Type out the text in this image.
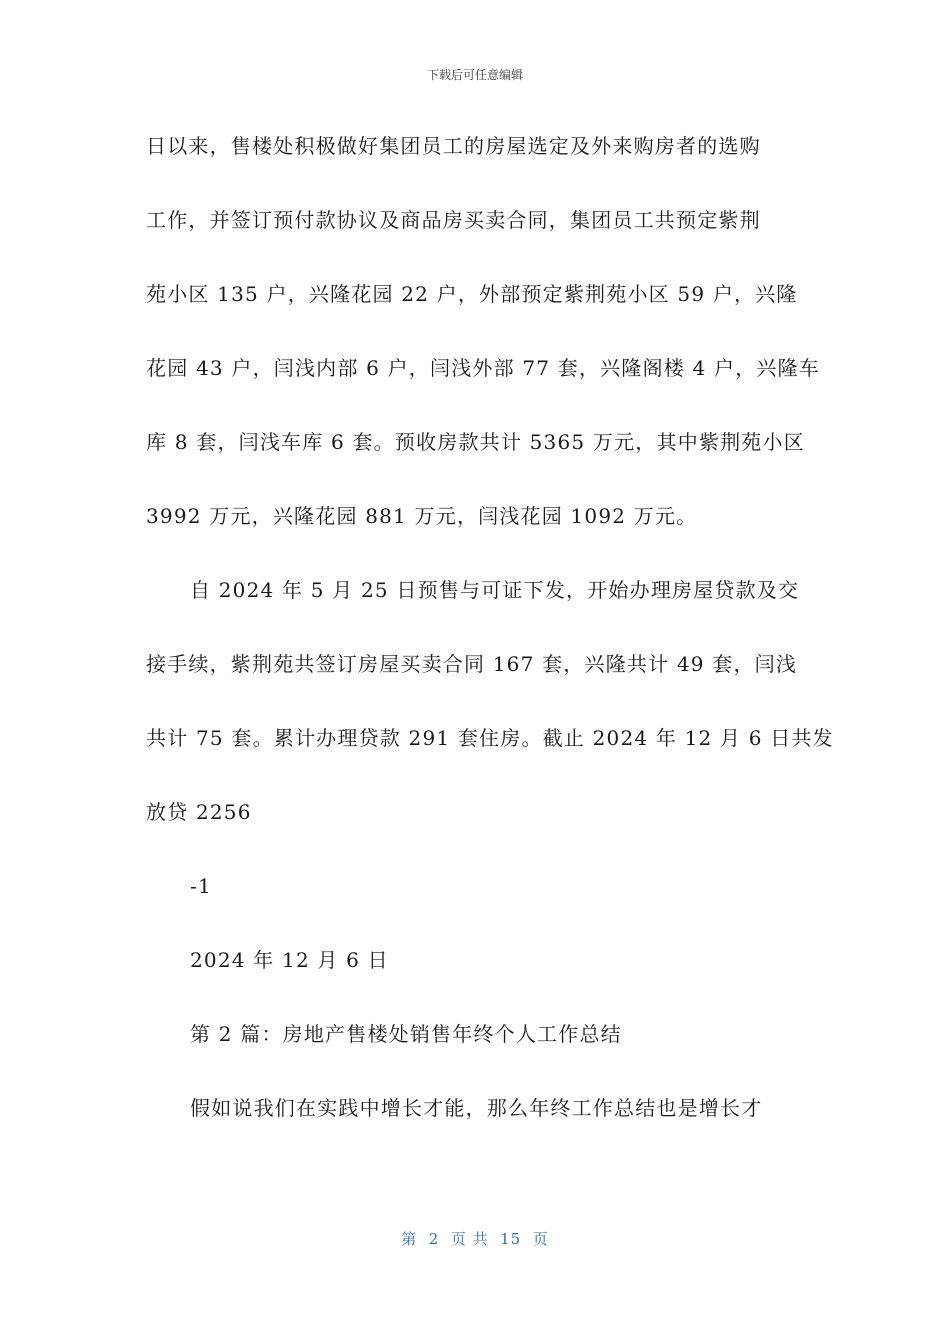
下载后可任意编辑
日以来，售楼处积极做好集团员工的房屋选定及外来购房者的选购
工作，并签订预付款协议及商品房买卖合同，集团员工共预定紫荆
苑小区 135 户，兴隆花园 22 户，外部预定紫荆苑小区 59 户，兴隆
花园 43 户，闫浅内部 6 户，闫浅外部 77 套，兴隆阁楼 4 户，兴隆车
库 8 套，闫浅车库 6 套。预收房款共计 5365 万元，其中紫荆苑小区
3992 万元，兴隆花园 881 万元，闫浅花园 1092 万元。
自 2024 年 5 月 25 日预售与可证下发，开始办理房屋贷款及交
接手续，紫荆苑共签订房屋买卖合同 167 套，兴隆共计 49 套，闫浅
共计 75 套。累计办理贷款 291 套住房。截止 2024 年 12 月 6 日共发
放贷 2256
-1
2024 年 12 月 6 日
第 2 篇：房地产售楼处销售年终个人工作总结
假如说我们在实践中增长才能，那么年终工作总结也是增长才
第  2  页 共  15  页
